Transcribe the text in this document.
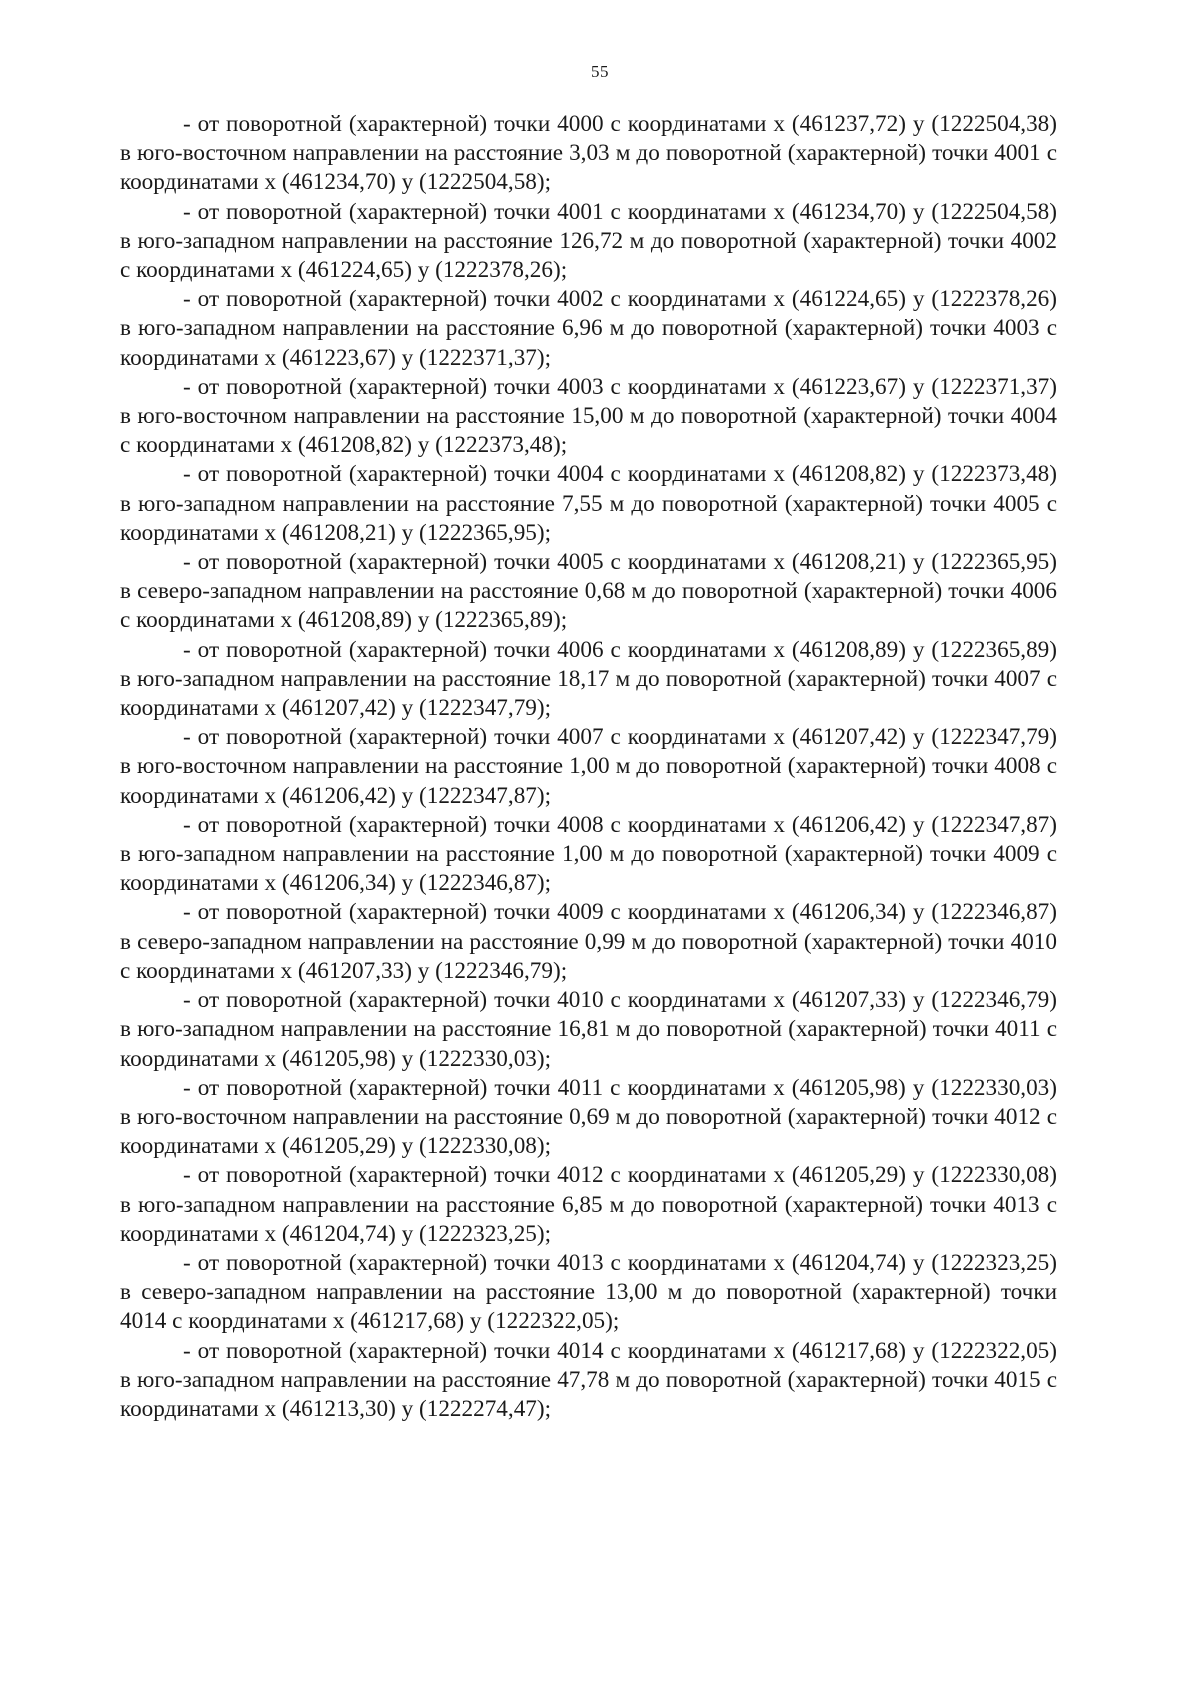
55

- от поворотной (характерной) точки 4000 с координатами x (461237,72) y (1222504,38) в юго-восточном направлении на расстояние 3,03 м до поворотной (характерной) точки 4001 с координатами x (461234,70) y (1222504,58);

- от поворотной (характерной) точки 4001 с координатами x (461234,70) y (1222504,58) в юго-западном направлении на расстояние 126,72 м до поворотной (характерной) точки 4002 с координатами x (461224,65) y (1222378,26);

- от поворотной (характерной) точки 4002 с координатами x (461224,65) y (1222378,26) в юго-западном направлении на расстояние 6,96 м до поворотной (характерной) точки 4003 с координатами x (461223,67) y (1222371,37);

- от поворотной (характерной) точки 4003 с координатами x (461223,67) y (1222371,37) в юго-восточном направлении на расстояние 15,00 м до поворотной (характерной) точки 4004 с координатами x (461208,82) y (1222373,48);

- от поворотной (характерной) точки 4004 с координатами x (461208,82) y (1222373,48) в юго-западном направлении на расстояние 7,55 м до поворотной (характерной) точки 4005 с координатами x (461208,21) y (1222365,95);

- от поворотной (характерной) точки 4005 с координатами x (461208,21) y (1222365,95) в северо-западном направлении на расстояние 0,68 м до поворотной (характерной) точки 4006 с координатами x (461208,89) y (1222365,89);

- от поворотной (характерной) точки 4006 с координатами x (461208,89) y (1222365,89) в юго-западном направлении на расстояние 18,17 м до поворотной (характерной) точки 4007 с координатами x (461207,42) y (1222347,79);

- от поворотной (характерной) точки 4007 с координатами x (461207,42) y (1222347,79) в юго-восточном направлении на расстояние 1,00 м до поворотной (характерной) точки 4008 с координатами x (461206,42) y (1222347,87);

- от поворотной (характерной) точки 4008 с координатами x (461206,42) y (1222347,87) в юго-западном направлении на расстояние 1,00 м до поворотной (характерной) точки 4009 с координатами x (461206,34) y (1222346,87);

- от поворотной (характерной) точки 4009 с координатами x (461206,34) y (1222346,87) в северо-западном направлении на расстояние 0,99 м до поворотной (характерной) точки 4010 с координатами x (461207,33) y (1222346,79);

- от поворотной (характерной) точки 4010 с координатами x (461207,33) y (1222346,79) в юго-западном направлении на расстояние 16,81 м до поворотной (характерной) точки 4011 с координатами x (461205,98) y (1222330,03);

- от поворотной (характерной) точки 4011 с координатами x (461205,98) y (1222330,03) в юго-восточном направлении на расстояние 0,69 м до поворотной (характерной) точки 4012 с координатами x (461205,29) y (1222330,08);

- от поворотной (характерной) точки 4012 с координатами x (461205,29) y (1222330,08) в юго-западном направлении на расстояние 6,85 м до поворотной (характерной) точки 4013 с координатами x (461204,74) y (1222323,25);

- от поворотной (характерной) точки 4013 с координатами x (461204,74) y (1222323,25) в северо-западном направлении на расстояние 13,00 м до поворотной (характерной) точки 4014 с координатами x (461217,68) y (1222322,05);

- от поворотной (характерной) точки 4014 с координатами x (461217,68) y (1222322,05) в юго-западном направлении на расстояние 47,78 м до поворотной (характерной) точки 4015 с координатами x (461213,30) y (1222274,47);
